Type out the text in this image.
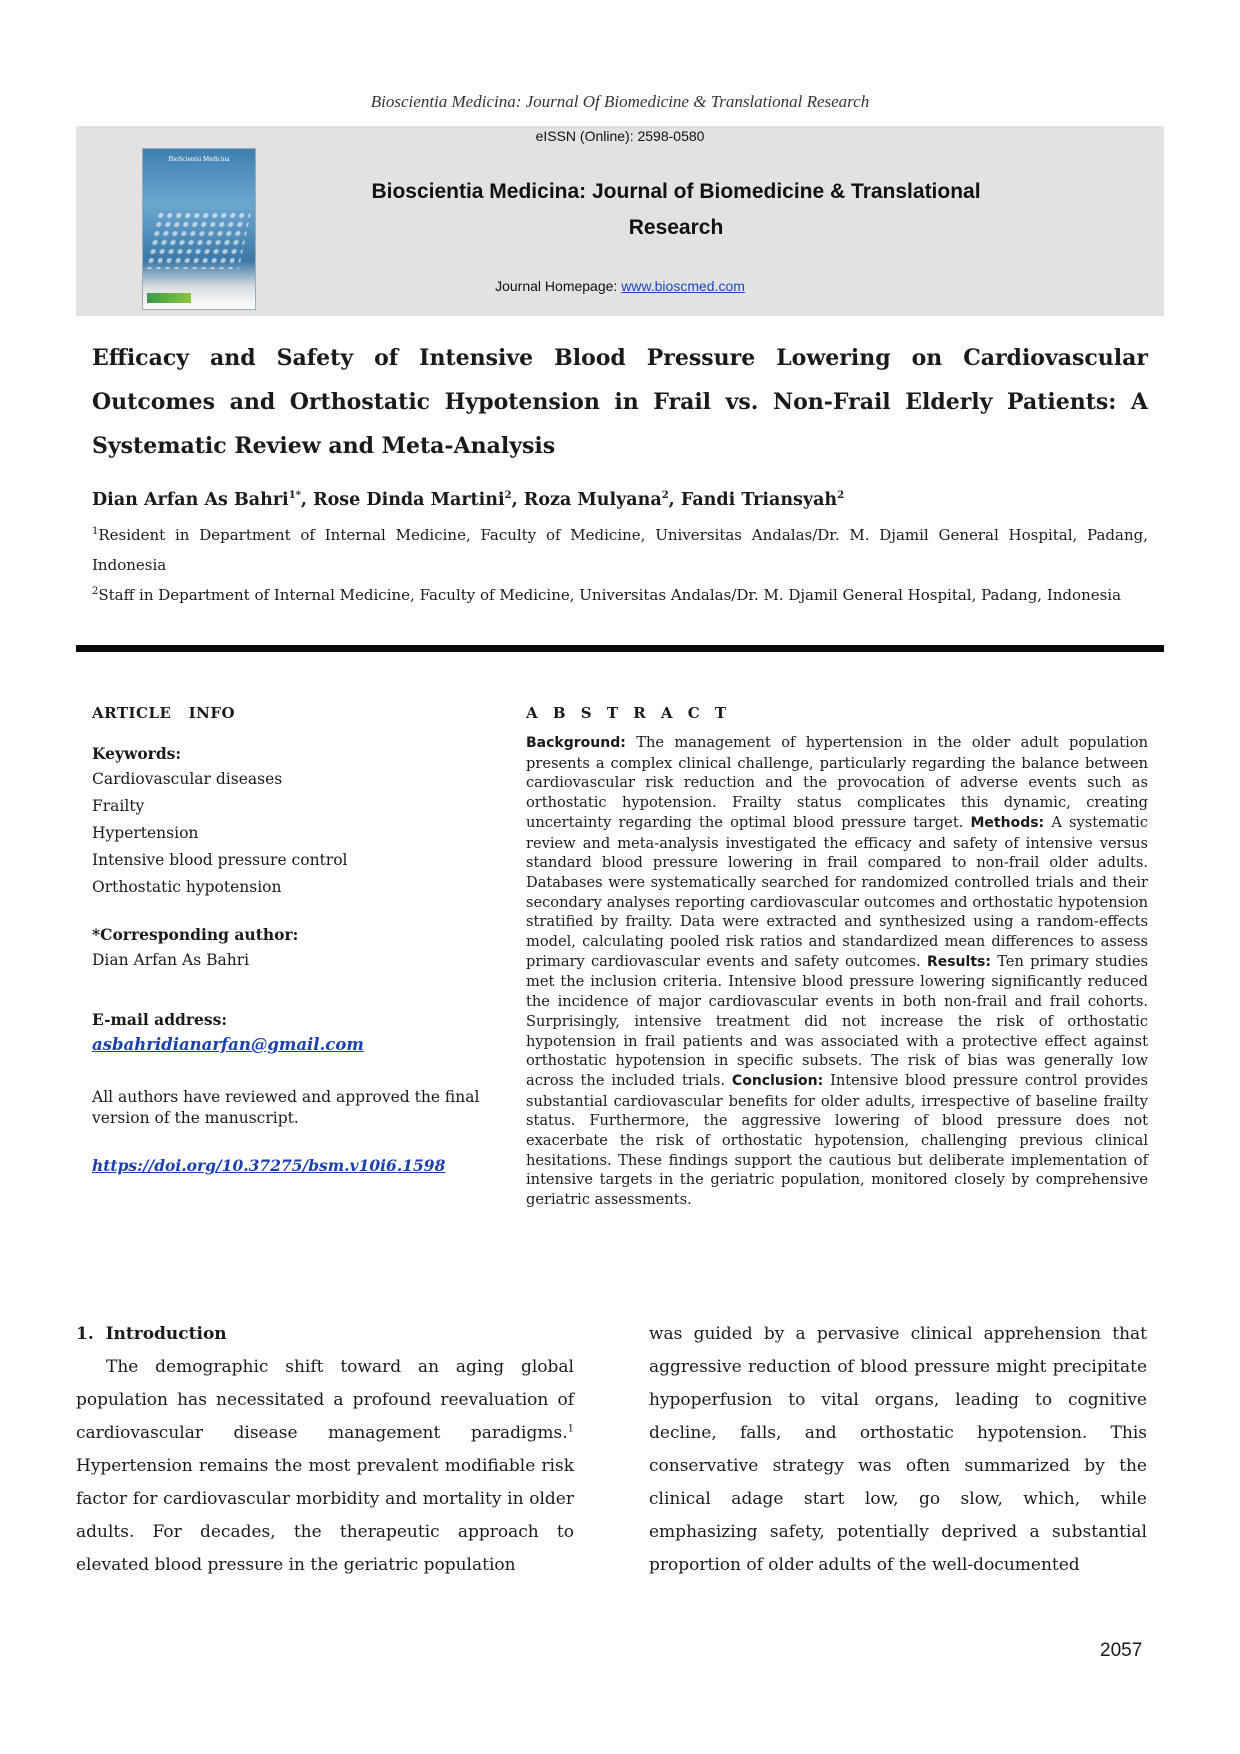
Bioscientia Medicina: Journal Of Biomedicine & Translational Research
BioScientia Medicina
eISSN (Online): 2598-0580
Bioscientia Medicina: Journal of Biomedicine & Translational Research
Journal Homepage: www.bioscmed.com
Efficacy and Safety of Intensive Blood Pressure Lowering on Cardiovascular Outcomes and Orthostatic Hypotension in Frail vs. Non-Frail Elderly Patients: A Systematic Review and Meta-Analysis
Dian Arfan As Bahri$^{1*}$, Rose Dinda Martini$^2$, Roza Mulyana$^2$, Fandi Triansyah$^2$
$^1$Resident in Department of Internal Medicine, Faculty of Medicine, Universitas Andalas/Dr. M. Djamil General Hospital, Padang, Indonesia
$^2$Staff in Department of Internal Medicine, Faculty of Medicine, Universitas Andalas/Dr. M. Djamil General Hospital, Padang, Indonesia
ARTICLE   INFO
Keywords:
Cardiovascular diseases
Frailty
Hypertension
Intensive blood pressure control
Orthostatic hypotension
*Corresponding author:
Dian Arfan As Bahri
E-mail address:
asbahridianarfan@gmail.com
All authors have reviewed and approved the final version of the manuscript.
https://doi.org/10.37275/bsm.v10i6.1598
A B S T R A C T
Background: The management of hypertension in the older adult population presents a complex clinical challenge, particularly regarding the balance between cardiovascular risk reduction and the provocation of adverse events such as orthostatic hypotension. Frailty status complicates this dynamic, creating uncertainty regarding the optimal blood pressure target. Methods: A systematic review and meta-analysis investigated the efficacy and safety of intensive versus standard blood pressure lowering in frail compared to non-frail older adults. Databases were systematically searched for randomized controlled trials and their secondary analyses reporting cardiovascular outcomes and orthostatic hypotension stratified by frailty. Data were extracted and synthesized using a random-effects model, calculating pooled risk ratios and standardized mean differences to assess primary cardiovascular events and safety outcomes. Results: Ten primary studies met the inclusion criteria. Intensive blood pressure lowering significantly reduced the incidence of major cardiovascular events in both non-frail and frail cohorts. Surprisingly, intensive treatment did not increase the risk of orthostatic hypotension in frail patients and was associated with a protective effect against orthostatic hypotension in specific subsets. The risk of bias was generally low across the included trials. Conclusion: Intensive blood pressure control provides substantial cardiovascular benefits for older adults, irrespective of baseline frailty status. Furthermore, the aggressive lowering of blood pressure does not exacerbate the risk of orthostatic hypotension, challenging previous clinical hesitations. These findings support the cautious but deliberate implementation of intensive targets in the geriatric population, monitored closely by comprehensive geriatric assessments.
1.  Introduction

The demographic shift toward an aging global population has necessitated a profound reevaluation of cardiovascular disease management paradigms.$^1$ Hypertension remains the most prevalent modifiable risk factor for cardiovascular morbidity and mortality in older adults. For decades, the therapeutic approach to elevated blood pressure in the geriatric population

was guided by a pervasive clinical apprehension that aggressive reduction of blood pressure might precipitate hypoperfusion to vital organs, leading to cognitive decline, falls, and orthostatic hypotension. This conservative strategy was often summarized by the clinical adage start low, go slow, which, while emphasizing safety, potentially deprived a substantial proportion of older adults of the well-documented
2057
